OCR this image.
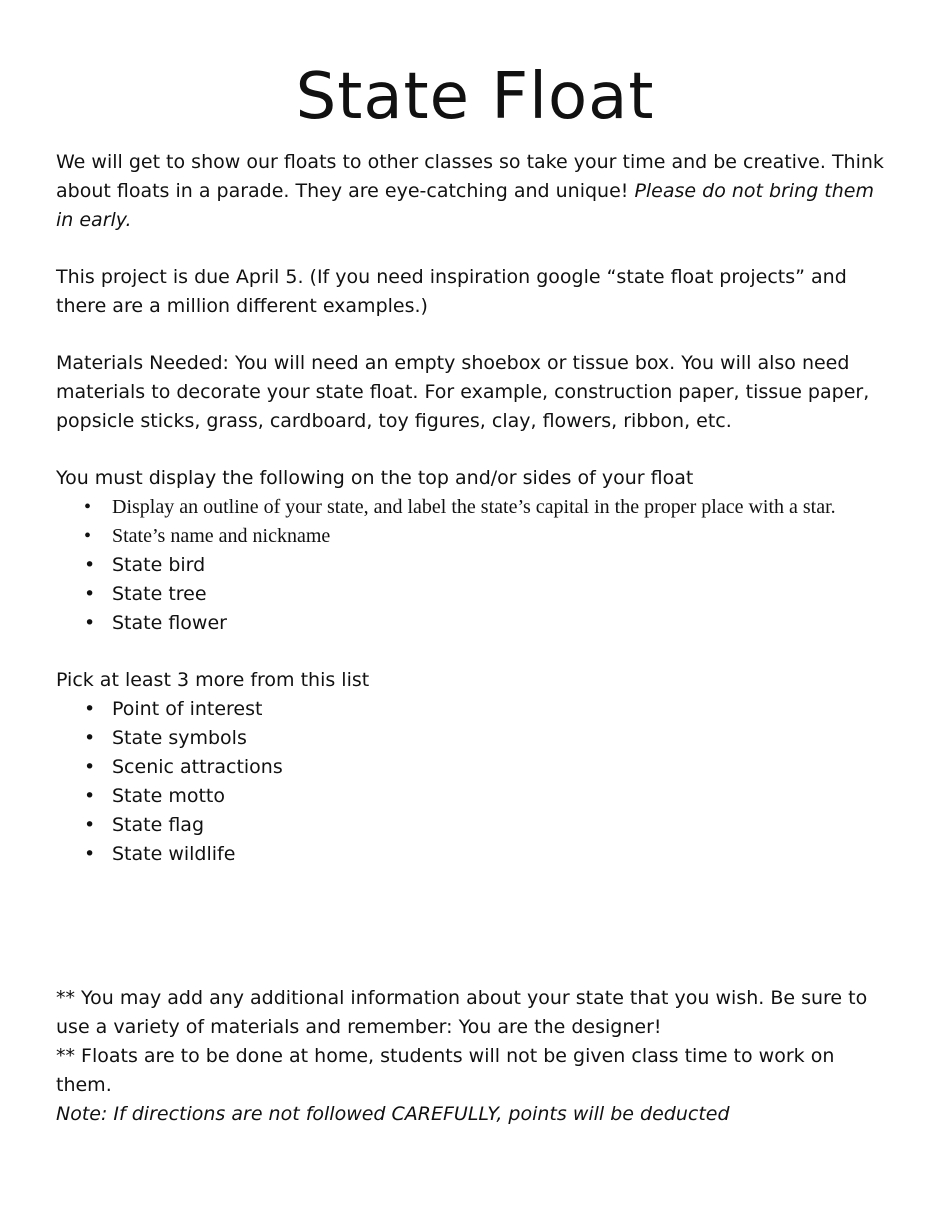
State Float

We will get to show our floats to other classes so take your time and be creative. Think about floats in a parade. They are eye-catching and unique! Please do not bring them in early.

This project is due April 5. (If you need inspiration google “state float projects” and there are a million different examples.)

Materials Needed: You will need an empty shoebox or tissue box. You will also need materials to decorate your state float. For example, construction paper, tissue paper, popsicle sticks, grass, cardboard, toy figures, clay, flowers, ribbon, etc.

You must display the following on the top and/or sides of your float

• Display an outline of your state, and label the state’s capital in the proper place with a star.
• State’s name and nickname
• State bird
• State tree
• State flower

Pick at least 3 more from this list

• Point of interest
• State symbols
• Scenic attractions
• State motto
• State flag
• State wildlife

** You may add any additional information about your state that you wish. Be sure to use a variety of materials and remember: You are the designer!

** Floats are to be done at home, students will not be given class time to work on them.

Note: If directions are not followed CAREFULLY, points will be deducted
